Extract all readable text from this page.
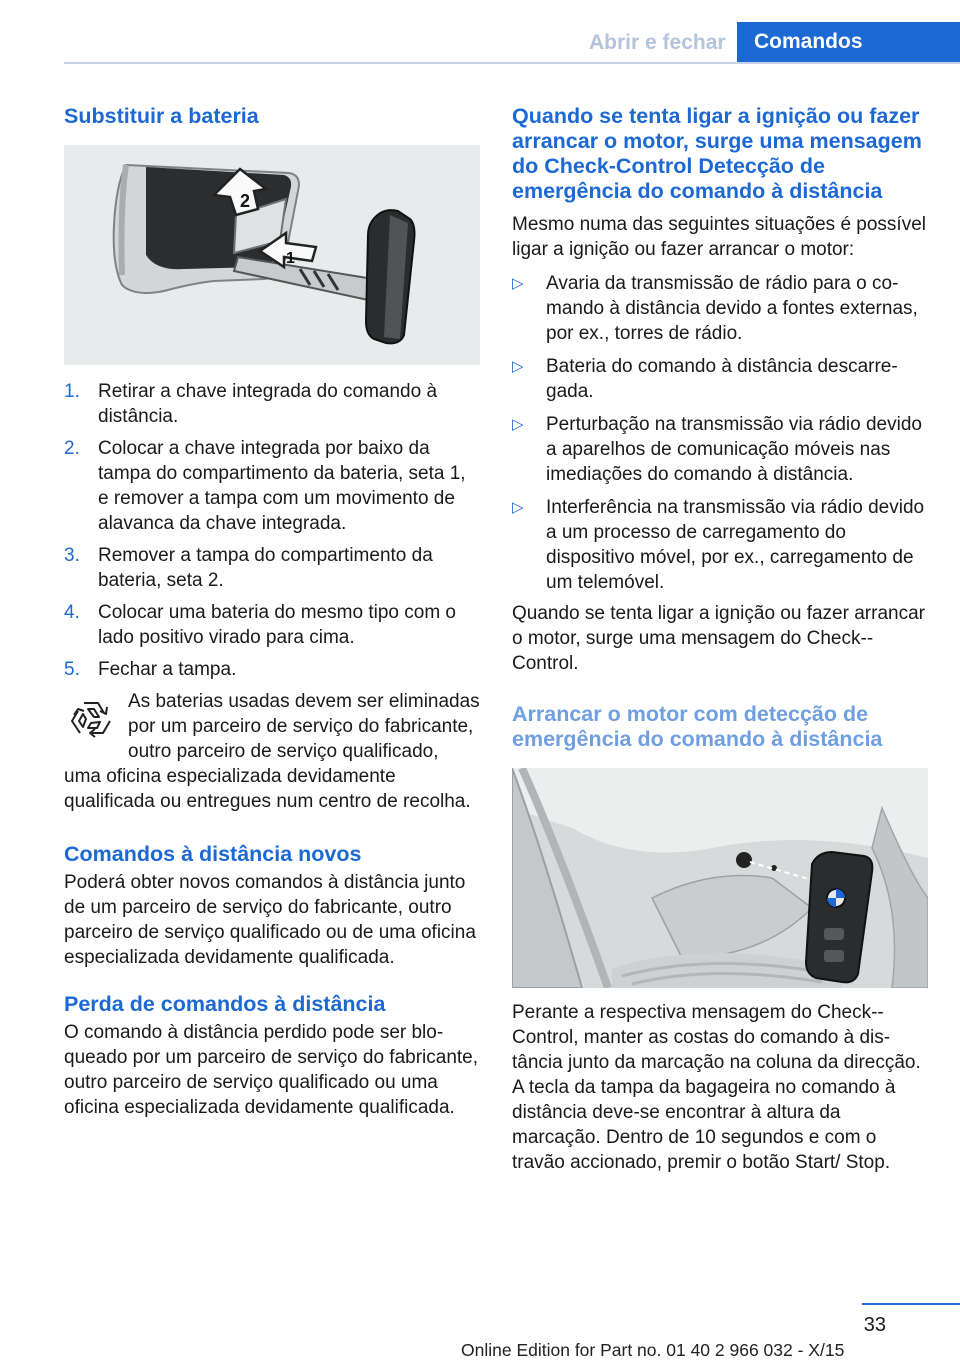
Abrir e fechar	Comandos
Substituir a bateria
2
1
1. Retirar a chave integrada do comando à distância.
2. Colocar a chave integrada por baixo da tampa do compartimento da bateria, seta 1, e remover a tampa com um movimento de alavanca da chave integrada.
3. Remover a tampa do compartimento da bateria, seta 2.
4. Colocar uma bateria do mesmo tipo com o lado positivo virado para cima.
5. Fechar a tampa.

As baterias usadas devem ser eliminadas por um parceiro de serviço do fabricante, outro parceiro de serviço qualificado, uma oficina especializada devidamente qualificada ou entregues num centro de recolha.

Comandos à distância novos

Poderá obter novos comandos à distância junto de um parceiro de serviço do fabricante, outro parceiro de serviço qualificado ou de uma oficina especializada devidamente qualificada.

Perda de comandos à distância

O comando à distância perdido pode ser bloqueado por um parceiro de serviço do fabricante, outro parceiro de serviço qualificado ou uma oficina especializada devidamente qualificada.

Quando se tenta ligar a ignição ou fazer arrancar o motor, surge uma mensagem do Check-Control Detecção de emergência do comando à distância

Mesmo numa das seguintes situações é possível ligar a ignição ou fazer arrancar o motor:

▷	Avaria da transmissão de rádio para o comando à distância devido a fontes externas, por ex., torres de rádio.
▷	Bateria do comando à distância descarregada.
▷	Perturbação na transmissão via rádio devido a aparelhos de comunicação móveis nas imediações do comando à distância.
▷	Interferência na transmissão via rádio devido a um processo de carregamento do dispositivo móvel, por ex., carregamento de um telemóvel.

Quando se tenta ligar a ignição ou fazer arrancar o motor, surge uma mensagem do Check-Control.

Arrancar o motor com detecção de emergência do comando à distância

Perante a respectiva mensagem do Check-Control, manter as costas do comando à distância junto da marcação na coluna da direcção. A tecla da tampa da bagageira no comando à distância deve-se encontrar à altura da marcação. Dentro de 10 segundos e com o travão accionado, premir o botão Start/ Stop.

33
Online Edition for Part no. 01 40 2 966 032 - X/15
